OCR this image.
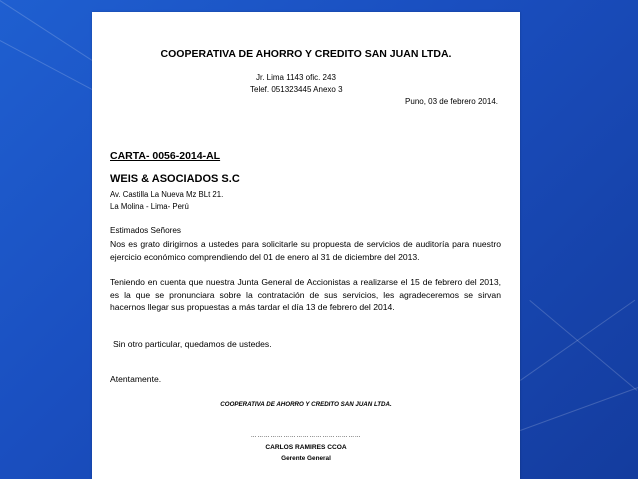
COOPERATIVA DE AHORRO Y CREDITO SAN JUAN LTDA.
Jr. Lima 1143 ofic. 243
Telef. 051323445 Anexo 3
Puno, 03 de febrero 2014.
CARTA- 0056-2014-AL
WEIS & ASOCIADOS S.C
Av. Castilla La Nueva Mz BLt 21.
La Molina - Lima- Perú
Estimados Señores
Nos es grato dirigirnos a ustedes para solicitarle su propuesta de servicios de auditoría para nuestro ejercicio económico comprendiendo del 01 de enero al 31 de diciembre del 2013.
Teniendo en cuenta que nuestra Junta General de Accionistas a realizarse el 15 de febrero del 2013, es la que se pronunciara sobre la contratación de sus servicios, les agradeceremos se sirvan hacernos llegar sus propuestas a más tardar el día 13 de febrero del 2014.
Sin otro particular, quedamos de ustedes.
Atentamente.
COOPERATIVA DE AHORRO Y CREDITO SAN JUAN LTDA.
……………………………………………
CARLOS RAMIRES CCOA
Gerente General
